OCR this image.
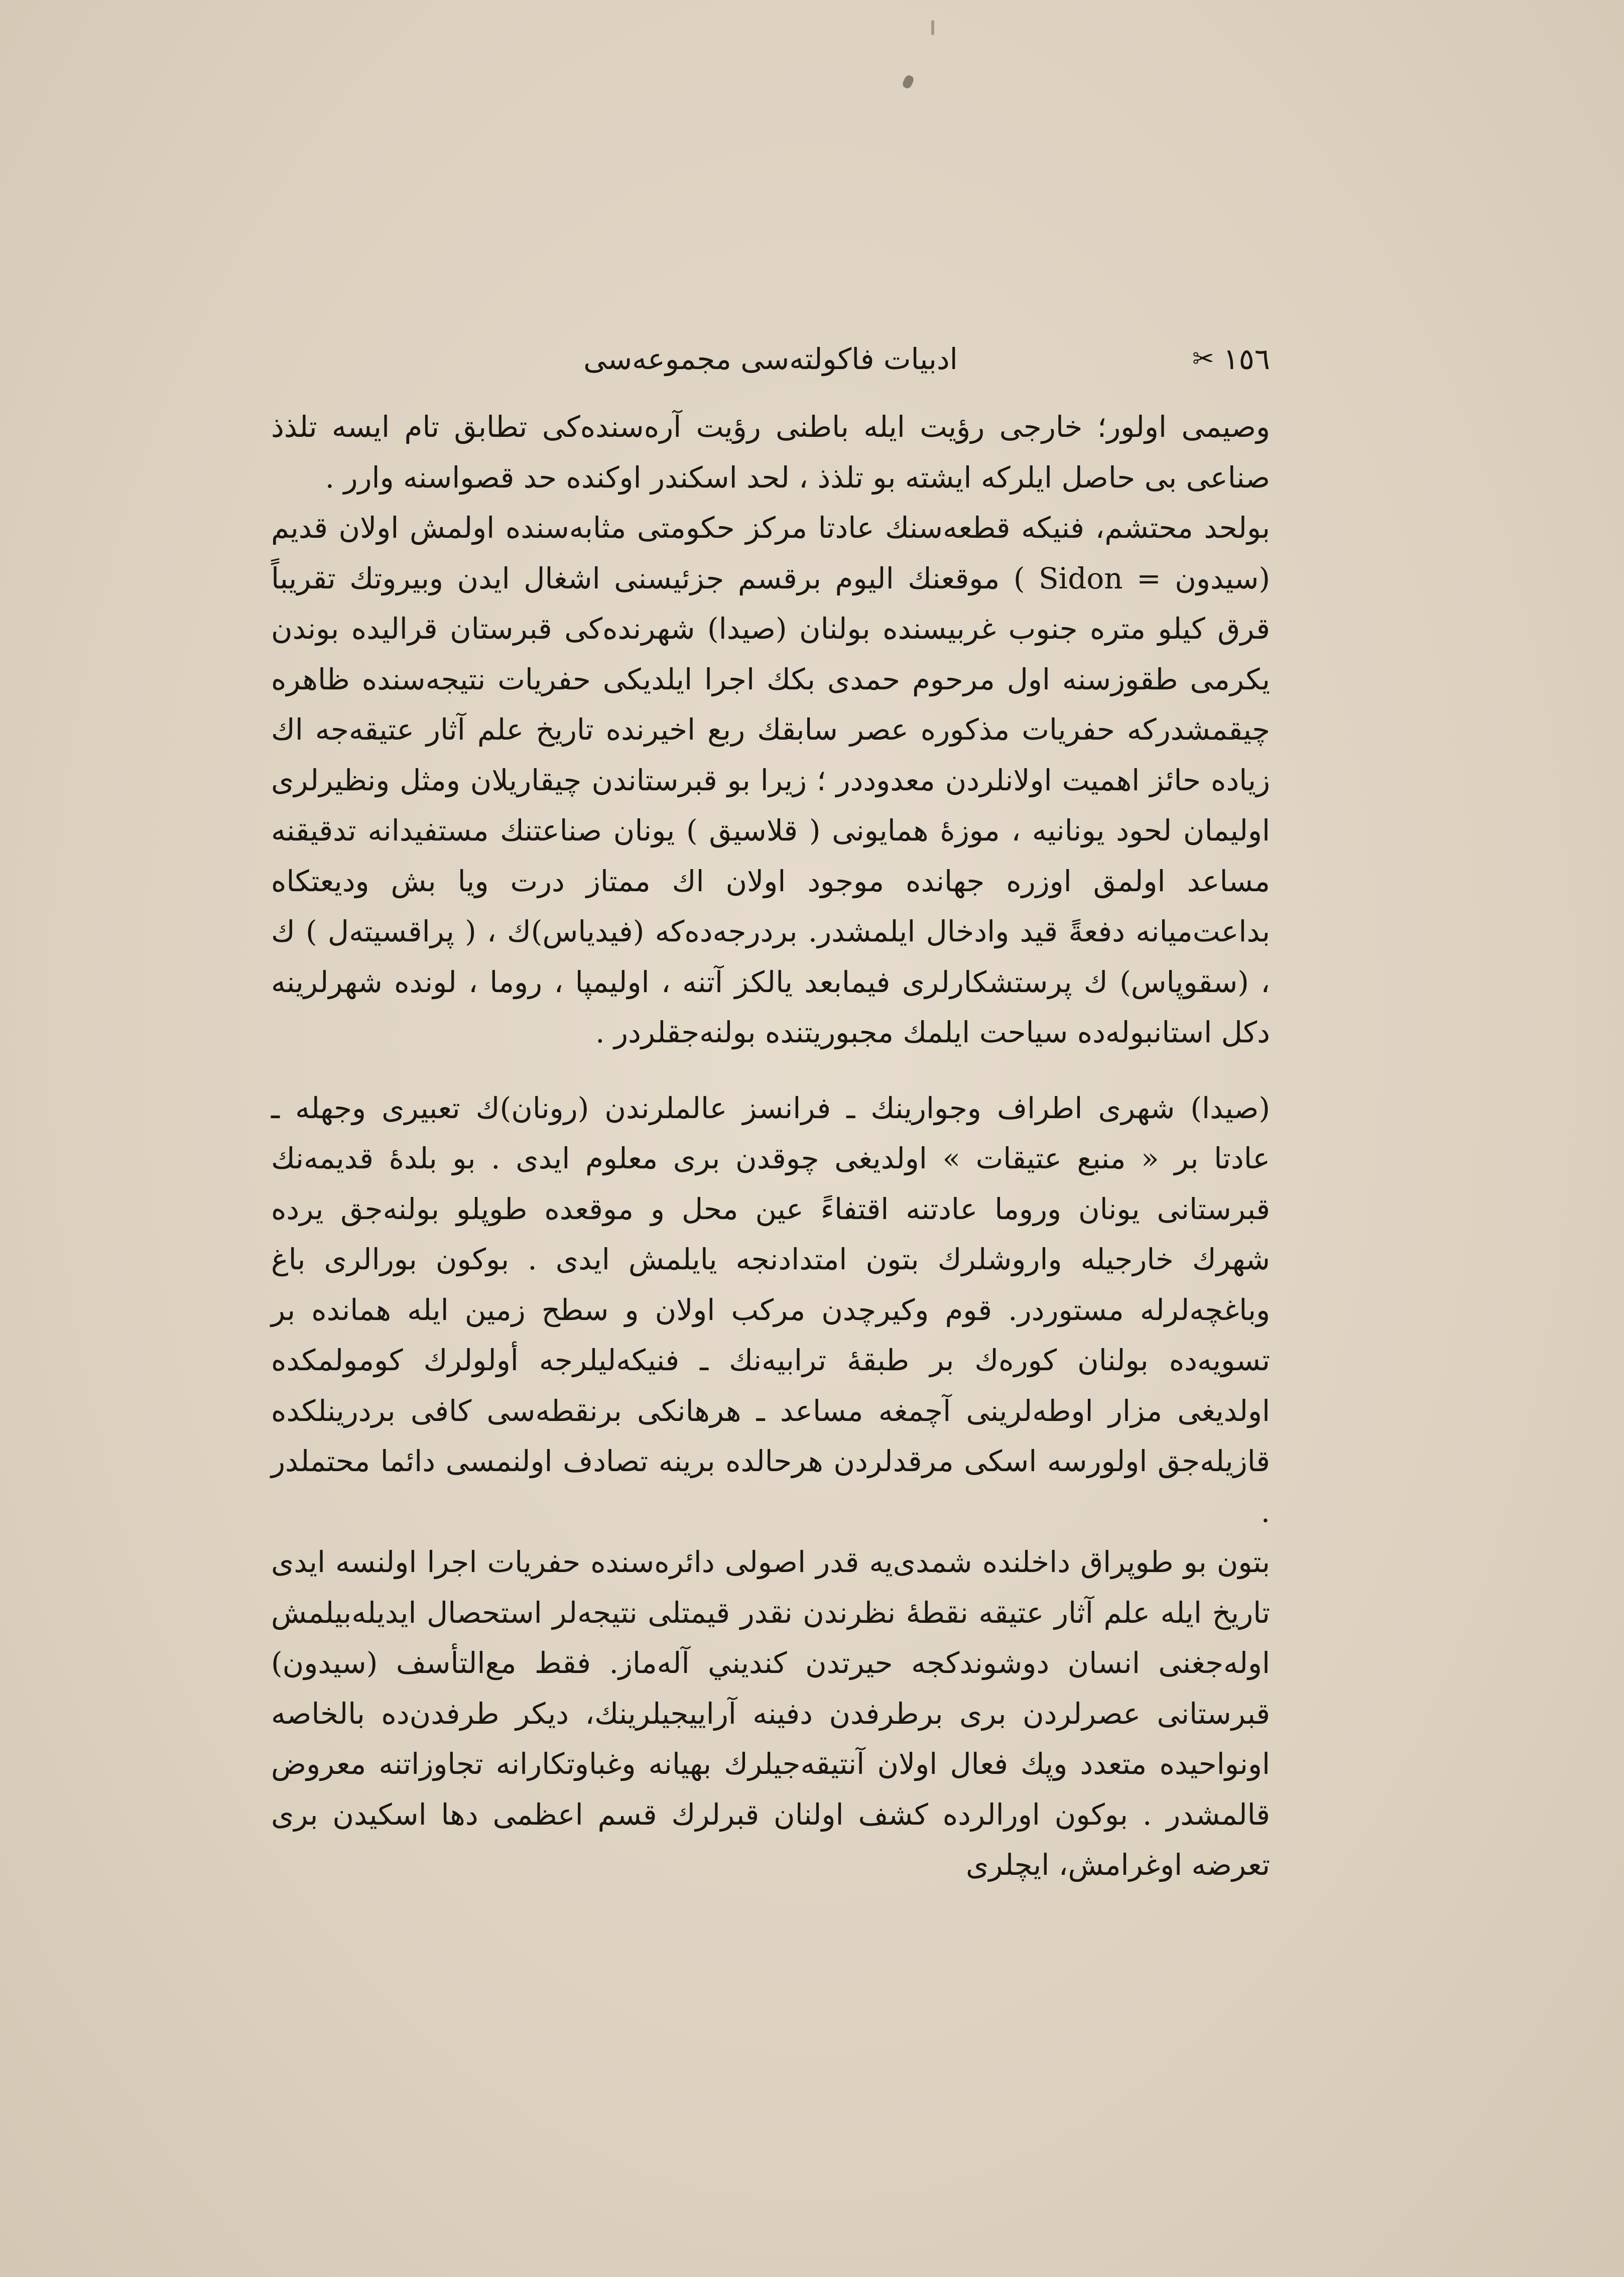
١٥٦
✂
ادبيات فاكولته‌سى مجموعه‌سى

وصيمى اولور؛ خارجى رؤيت ايله باطنى رؤيت آره‌سنده‌كى تطابق تام ايسه تلذذ صناعى بى حاصل ايلركه ايشته بو تلذذ ، لحد اسكندر اوكنده حد قصواسنه وارر .

بولحد محتشم، فنيكه قطعه‌سنك عادتا مركز حكومتى مثابه‌سنده اولمش اولان قديم (سيدون = Sidon ) موقعنك اليوم برقسم جزئيسنى اشغال ايدن وبيروتك تقريباً قرق كيلو متره جنوب غربيسنده بولنان (صيدا) شهرنده‌كى قبرستان قراليده بوندن يكرمى طقوزسنه اول مرحوم حمدى بكك اجرا ايلديكى حفريات نتيجه‌سنده ظاهره چيقمشدركه حفريات مذكوره عصر سابقك ربع اخيرنده تاريخ علم آثار عتيقه‌جه اك زياده حائز اهميت اولانلردن معدوددر ؛ زيرا بو قبرستاندن چيقاريلان ومثل ونظيرلرى اوليمان لحود يونانيه ، موزهٔ همايونى ( قلاسيق ) يونان صناعتنك مستفيدانه تدقيقنه مساعد اولمق اوزره جهانده موجود اولان اك ممتاز درت ويا بش وديعتكاه بداعت‌ميانه دفعةً قيد وادخال ايلمشدر. بردرجه‌ده‌كه (فيدياس)ك ، ( پراقسيته‌ل ) ك ، (سقوپاس) ك پرستشكارلرى فيمابعد يالكز آتنه ، اوليمپا ، روما ، لونده شهرلرينه دكل استانبوله‌ده سياحت ايلمك مجبوريتنده بولنه‌جقلردر .

(صيدا) شهرى اطراف وجوارينك ـ فرانسز عالملرندن (رونان)ك تعبيرى وجهله ـ عادتا بر « منبع عتيقات » اولديغى چوقدن برى معلوم ايدى . بو بلدهٔ قديمه‌نك قبرستانى يونان وروما عادتنه اقتفاءً عين محل و موقعده طوپلو بولنه‌جق يرده شهرك خارجيله واروشلرك بتون امتدادنجه يايلمش ايدى . بوكون بورالرى باغ وباغچه‌لرله مستوردر. قوم وكيرچدن مركب اولان و سطح زمين ايله همانده بر تسويه‌ده بولنان كوره‌ك بر طبقهٔ ترابيه‌نك ـ فنيكه‌ليلرجه أولولرك كومولمكده اولديغى مزار اوطه‌لرينى آچمغه مساعد ـ هرهانكى برنقطه‌سى كافى بردرينلكده قازيله‌جق اولورسه اسكى مرقدلردن هرحالده برينه تصادف اولنمسى دائما محتملدر .

بتون بو طوپراق داخلنده شمدى‌يه قدر اصولى دائره‌سنده حفريات اجرا اولنسه ايدى تاريخ ايله علم آثار عتيقه نقطهٔ نظرندن نقدر قيمتلى نتيجه‌لر استحصال ايديله‌بيلمش اوله‌جغنى انسان دوشوندكجه حيرتدن كنديني آله‌ماز. فقط مع‌التأسف (سيدون) قبرستانى عصرلردن برى برطرفدن دفينه آراييجيلرينك، ديكر طرفدن‌ده بالخاصه اونواحيده متعدد وپك فعال اولان آنتيقه‌جيلرك بهيانه وغباوتكارانه تجاوزاتنه معروض قالمشدر . بوكون اورالرده كشف اولنان قبرلرك قسم اعظمى دها اسكيدن برى تعرضه اوغرامش، ايچلرى
